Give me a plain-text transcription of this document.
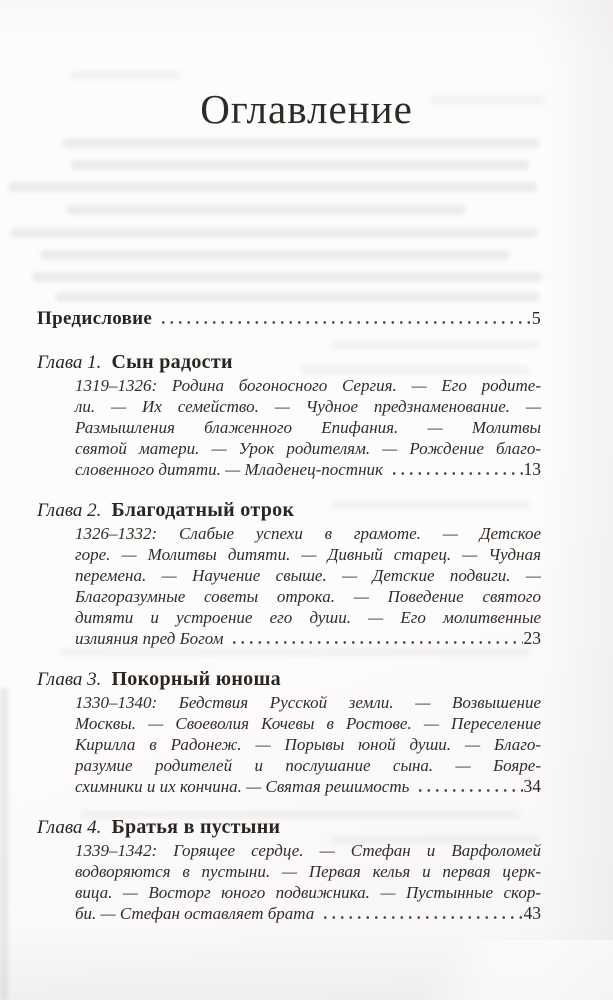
Оглавление
Предисловие	5
Глава 1. Сын радости
1319–1326: Родина богоносного Сергия. — Его родите-
ли. — Их семейство. — Чудное предзнаменование. —
Размышления блаженного Епифания. — Молитвы
святой матери. — Урок родителям. — Рождение благо-
словенного дитяти. — Младенец-постник	13
Глава 2. Благодатный отрок
1326–1332: Слабые успехи в грамоте. — Детское
горе. — Молитвы дитяти. — Дивный старец. — Чудная
перемена. — Научение свыше. — Детские подвиги. —
Благоразумные советы отрока. — Поведение святого
дитяти и устроение его души. — Его молитвенные
излияния пред Богом	23
Глава 3. Покорный юноша
1330–1340: Бедствия Русской земли. — Возвышение
Москвы. — Своеволия Кочевы в Ростове. — Переселение
Кирилла в Радонеж. — Порывы юной души. — Благо-
разумие родителей и послушание сына. — Бояре-
схимники и их кончина. — Святая решимость	34
Глава 4. Братья в пустыни
1339–1342: Горящее сердце. — Стефан и Варфоломей
водворяются в пустыни. — Первая келья и первая церк-
вица. — Восторг юного подвижника. — Пустынные скор-
би. — Стефан оставляет брата	43
